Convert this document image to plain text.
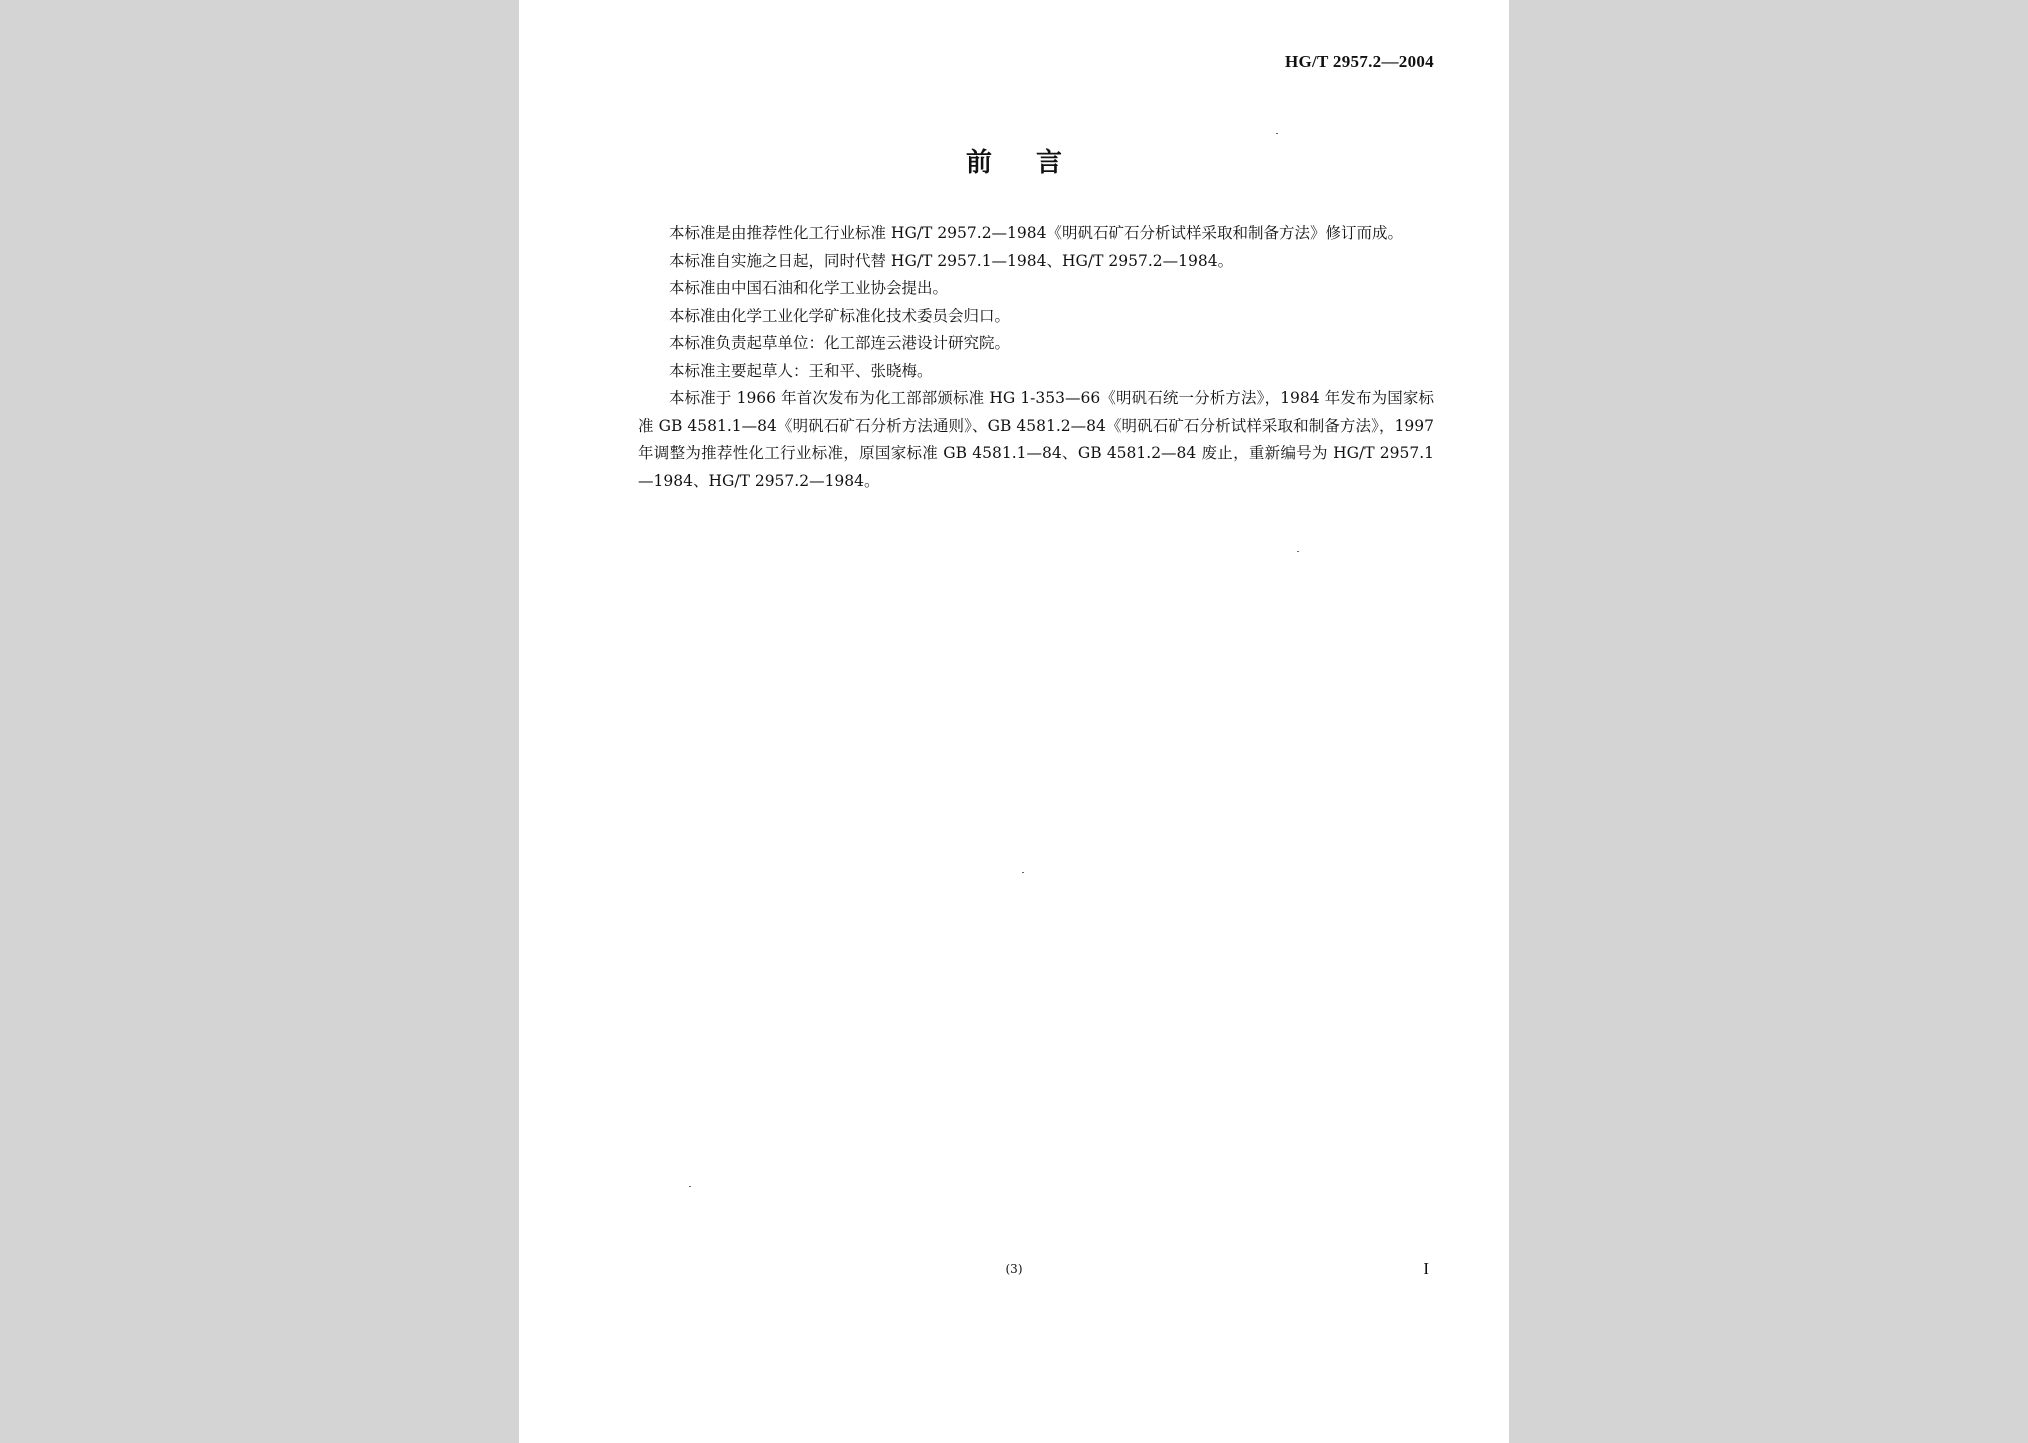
HG/T 2957.2—2004
前言

本标准是由推荐性化工行业标准 HG/T 2957.2—1984《明矾石矿石分析试样采取和制备方法》修订而成。

本标准自实施之日起，同时代替 HG/T 2957.1—1984、HG/T 2957.2—1984。

本标准由中国石油和化学工业协会提出。

本标准由化学工业化学矿标准化技术委员会归口。

本标准负责起草单位：化工部连云港设计研究院。

本标准主要起草人：王和平、张晓梅。

本标准于 1966 年首次发布为化工部部颁标准 HG 1-353—66《明矾石统一分析方法》，1984 年发布为国家标准 GB 4581.1—84《明矾石矿石分析方法通则》、GB 4581.2—84《明矾石矿石分析试样采取和制备方法》，1997 年调整为推荐性化工行业标准，原国家标准 GB 4581.1—84、GB 4581.2—84 废止，重新编号为 HG/T 2957.1—1984、HG/T 2957.2—1984。

(3)	I
